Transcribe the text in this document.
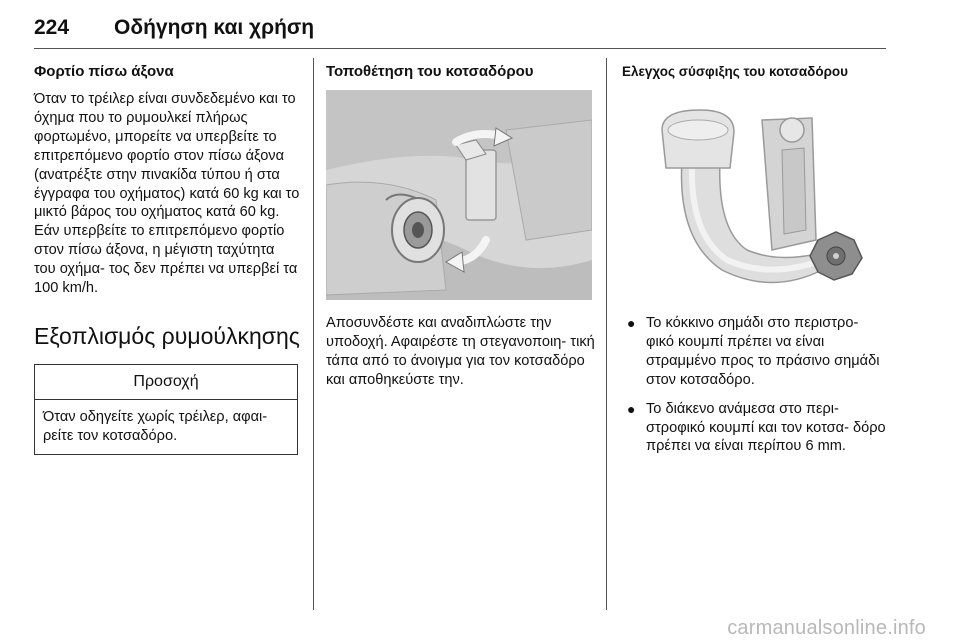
224 Οδήγηση και χρήση
Φορτίο πίσω άξονα

Όταν το τρέιλερ είναι συνδεδεμένο και το όχημα που το ρυμουλκεί πλήρως φορτωμένο, μπορείτε να υπερβείτε το επιτρεπόμενο φορτίο στον πίσω άξονα (ανατρέξτε στην πινακίδα τύπου ή στα έγγραφα του οχήματος) κατά 60 kg και το μικτό βάρος του οχήματος κατά 60 kg. Εάν υπερβείτε το επιτρεπόμενο φορτίο στον πίσω άξονα, η μέγιστη ταχύτητα του οχήμα- τος δεν πρέπει να υπερβεί τα 100 km/h.

Εξοπλισμός ρυμούλκησης
Προσοχή
Όταν οδηγείτε χωρίς τρέιλερ, αφαι- ρείτε τον κοτσαδόρο.
Τοποθέτηση του κοτσαδόρου

Αποσυνδέστε και αναδιπλώστε την υποδοχή. Αφαιρέστε τη στεγανοποιη- τική τάπα από το άνοιγμα για τον κοτσαδόρο και αποθηκεύστε την.

Ελεγχος σύσφιξης του κοτσαδόρου
● Το κόκκινο σημάδι στο περιστρο- φικό κουμπί πρέπει να είναι στραμμένο προς το πράσινο σημάδι στον κοτσαδόρο.
● Το διάκενο ανάμεσα στο περι- στροφικό κουμπί και τον κοτσα- δόρο πρέπει να είναι περίπου 6 mm.
carmanualsonline.info
